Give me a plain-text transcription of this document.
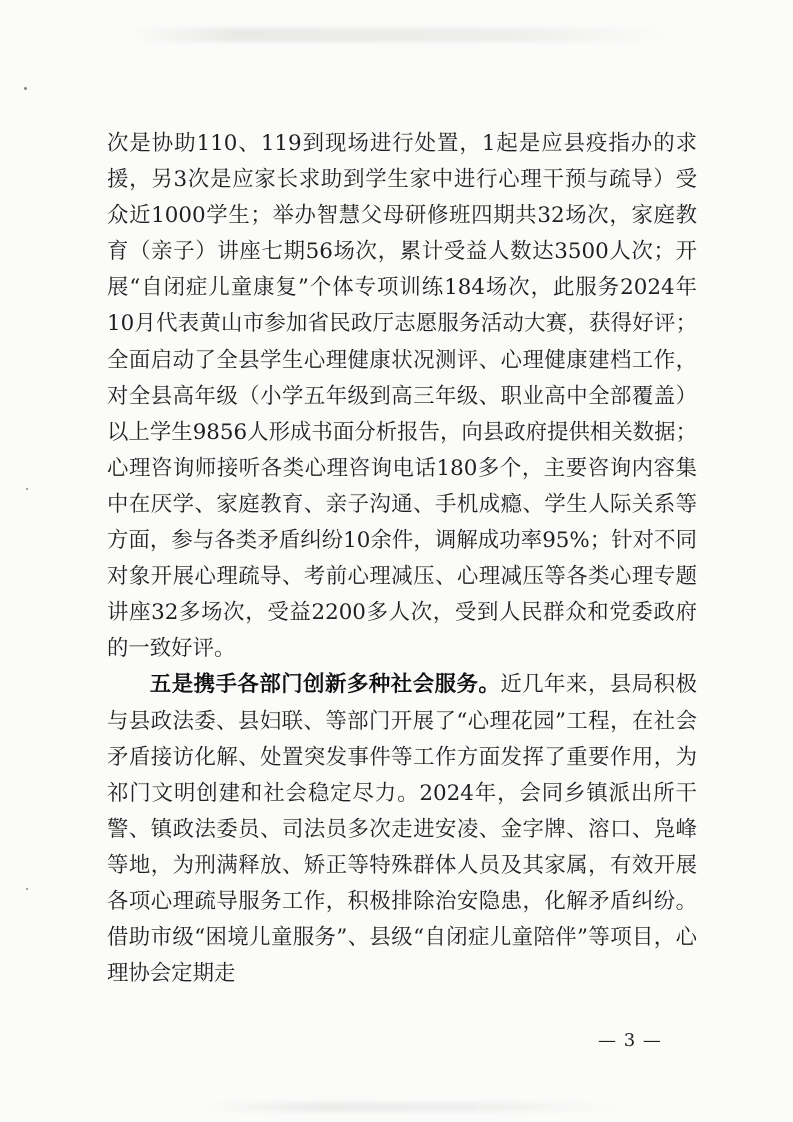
次是协助110、119到现场进行处置，1起是应县疫指办的求援，另3次是应家长求助到学生家中进行心理干预与疏导）受众近1000学生；举办智慧父母研修班四期共32场次，家庭教育（亲子）讲座七期56场次，累计受益人数达3500人次；开展“自闭症儿童康复”个体专项训练184场次，此服务2024年10月代表黄山市参加省民政厅志愿服务活动大赛，获得好评；全面启动了全县学生心理健康状况测评、心理健康建档工作，对全县高年级（小学五年级到高三年级、职业高中全部覆盖）以上学生9856人形成书面分析报告，向县政府提供相关数据；心理咨询师接听各类心理咨询电话180多个，主要咨询内容集中在厌学、家庭教育、亲子沟通、手机成瘾、学生人际关系等方面，参与各类矛盾纠纷10余件，调解成功率95%；针对不同对象开展心理疏导、考前心理减压、心理减压等各类心理专题讲座32多场次，受益2200多人次，受到人民群众和党委政府的一致好评。

五是携手各部门创新多种社会服务。近几年来，县局积极与县政法委、县妇联、等部门开展了“心理花园”工程，在社会矛盾接访化解、处置突发事件等工作方面发挥了重要作用，为祁门文明创建和社会稳定尽力。2024年，会同乡镇派出所干警、镇政法委员、司法员多次走进安凌、金字牌、溶口、凫峰等地，为刑满释放、矫正等特殊群体人员及其家属，有效开展各项心理疏导服务工作，积极排除治安隐患，化解矛盾纠纷。借助市级“困境儿童服务”、县级“自闭症儿童陪伴”等项目，心理协会定期走

— 3 —
